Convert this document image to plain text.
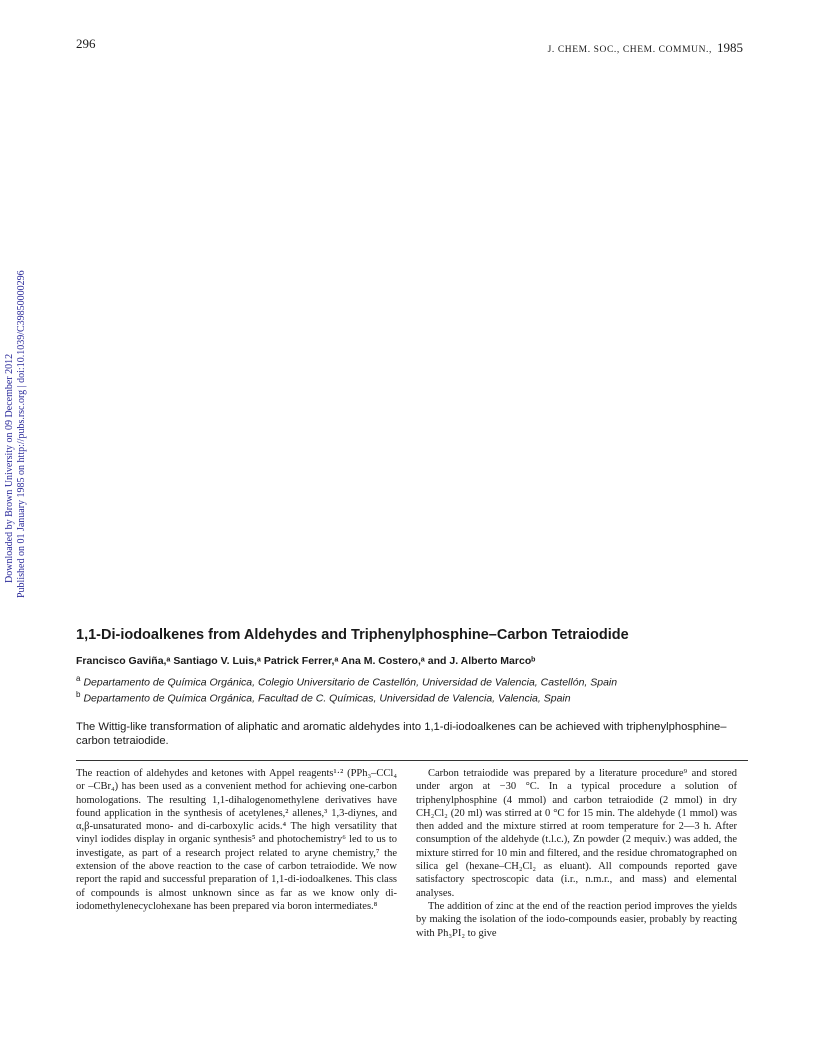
296	J. CHEM. SOC., CHEM. COMMUN., 1985
Downloaded by Brown University on 09 December 2012 Published on 01 January 1985 on http://pubs.rsc.org | doi:10.1039/C39850000296
1,1-Di-iodoalkenes from Aldehydes and Triphenylphosphine–Carbon Tetraiodide
Francisco Gaviña,ᵃ Santiago V. Luis,ᵃ Patrick Ferrer,ᵃ Ana M. Costero,ᵃ and J. Alberto Marcoᵇ
$^a$ Departamento de Química Orgánica, Colegio Universitario de Castellón, Universidad de Valencia, Castellón, Spain
$^b$ Departamento de Química Orgánica, Facultad de C. Químicas, Universidad de Valencia, Valencia, Spain

The Wittig-like transformation of aliphatic and aromatic aldehydes into 1,1-di-iodoalkenes can be achieved with triphenylphosphine–carbon tetraiodide.

The reaction of aldehydes and ketones with Appel reagents¹·² (PPh₃–CCl₄ or –CBr₄) has been used as a convenient method for achieving one-carbon homologations. The resulting 1,1-dihalogenomethylene derivatives have found application in the synthesis of acetylenes,² allenes,³ 1,3-diynes, and α,β-unsaturated mono- and di-carboxylic acids.⁴ The high versatility that vinyl iodides display in organic synthesis⁵ and photochemistry⁶ led to us to investigate, as part of a research project related to aryne chemistry,⁷ the extension of the above reaction to the case of carbon tetraiodide. We now report the rapid and successful preparation of 1,1-di-iodoalkenes. This class of compounds is almost unknown since as far as we know only di-iodomethylenecyclohexane has been prepared via boron intermediates.⁸

Carbon tetraiodide was prepared by a literature procedure⁹ and stored under argon at −30 °C. In a typical procedure a solution of triphenylphosphine (4 mmol) and carbon tetraiodide (2 mmol) in dry CH₂Cl₂ (20 ml) was stirred at 0 °C for 15 min. The aldehyde (1 mmol) was then added and the mixture stirred at room temperature for 2—3 h. After consumption of the aldehyde (t.l.c.), Zn powder (2 mequiv.) was added, the mixture stirred for 10 min and filtered, and the residue chromatographed on silica gel (hexane–CH₂Cl₂ as eluant). All compounds reported gave satisfactory spectroscopic data (i.r., n.m.r., and mass) and elemental analyses.

The addition of zinc at the end of the reaction period improves the yields by making the isolation of the iodo-compounds easier, probably by reacting with Ph₃PI₂ to give
